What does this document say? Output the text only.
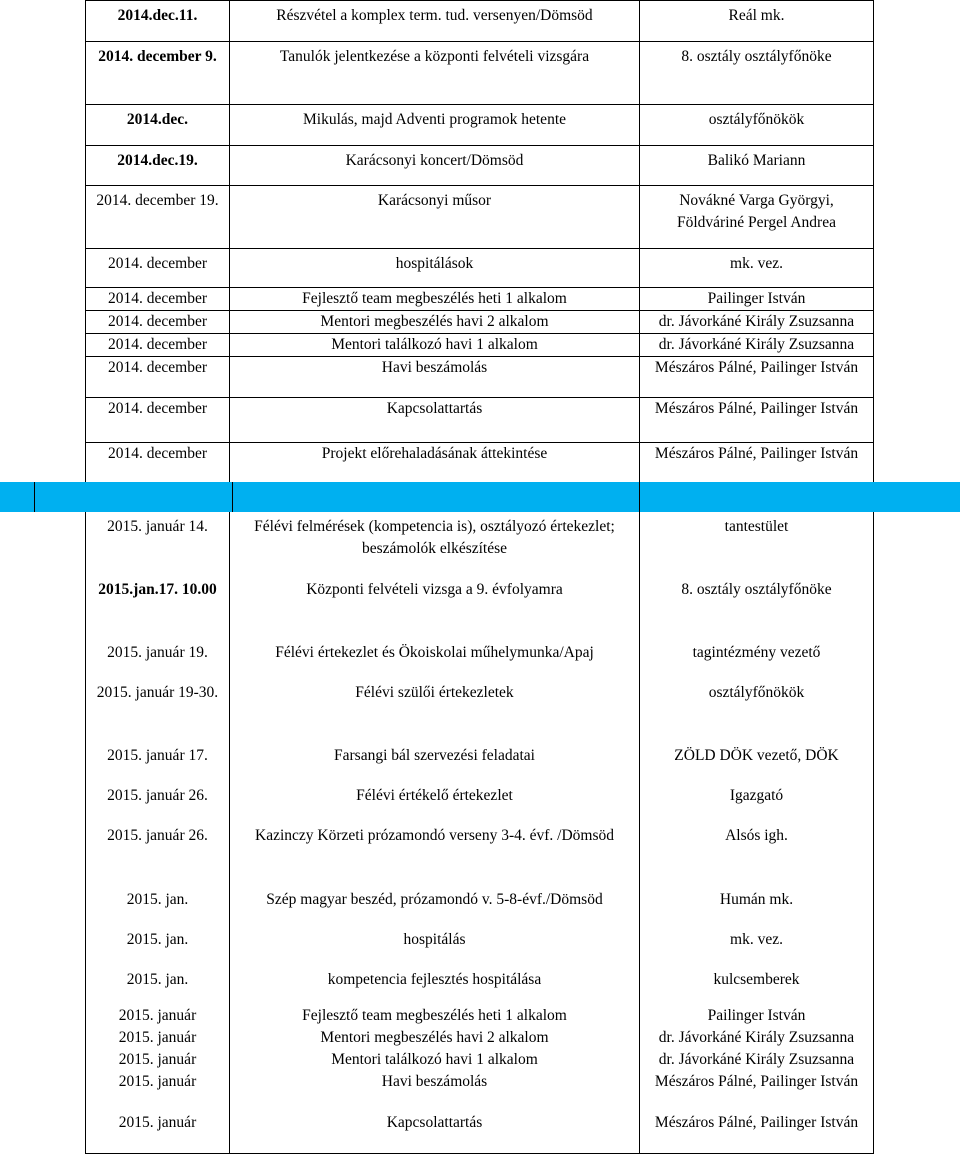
2014.dec.11.	Részvétel a komplex term. tud. versenyen/Dömsöd	Reál mk.
2014. december 9.	Tanulók jelentkezése a központi felvételi vizsgára	8. osztály osztályfőnöke
2014.dec.	Mikulás, majd Adventi programok hetente	osztályfőnökök
2014.dec.19.	Karácsonyi koncert/Dömsöd	Balikó Mariann
2014. december 19.	Karácsonyi műsor	Novákné Varga Györgyi, Földváriné Pergel Andrea
2014. december	hospitálások	mk. vez.
2014. december	Fejlesztő team megbeszélés heti 1 alkalom	Pailinger István
2014. december	Mentori megbeszélés havi 2 alkalom	dr. Jávorkáné Király Zsuzsanna
2014. december	Mentori találkozó havi 1 alkalom	dr. Jávorkáné Király Zsuzsanna
2014. december	Havi beszámolás	Mészáros Pálné, Pailinger István
2014. december	Kapcsolattartás	Mészáros Pálné, Pailinger István
2014. december	Projekt előrehaladásának áttekintése	Mészáros Pálné, Pailinger István
2015. január 14.	Félévi felmérések (kompetencia is), osztályozó értekezlet; beszámolók elkészítése	tantestület
2015.jan.17. 10.00	Központi felvételi vizsga a 9. évfolyamra	8. osztály osztályfőnöke
2015. január 19.	Félévi értekezlet és Ökoiskolai műhelymunka/Apaj	tagintézmény vezető
2015. január 19-30.	Félévi szülői értekezletek	osztályfőnökök
2015. január 17.	Farsangi bál szervezési feladatai	ZÖLD DÖK vezető, DÖK
2015. január 26.	Félévi értékelő értekezlet	Igazgató
2015. január 26.	Kazinczy Körzeti prózamondó verseny 3-4. évf. /Dömsöd	Alsós igh.
2015. jan.	Szép magyar beszéd, prózamondó v. 5-8-évf./Dömsöd	Humán mk.
2015. jan.	hospitálás	mk. vez.
2015. jan.	kompetencia fejlesztés hospitálása	kulcsemberek
2015. január	Fejlesztő team megbeszélés heti 1 alkalom	Pailinger István
2015. január	Mentori megbeszélés havi 2 alkalom	dr. Jávorkáné Király Zsuzsanna
2015. január	Mentori találkozó havi 1 alkalom	dr. Jávorkáné Király Zsuzsanna
2015. január	Havi beszámolás	Mészáros Pálné, Pailinger István
2015. január	Kapcsolattartás	Mészáros Pálné, Pailinger István
